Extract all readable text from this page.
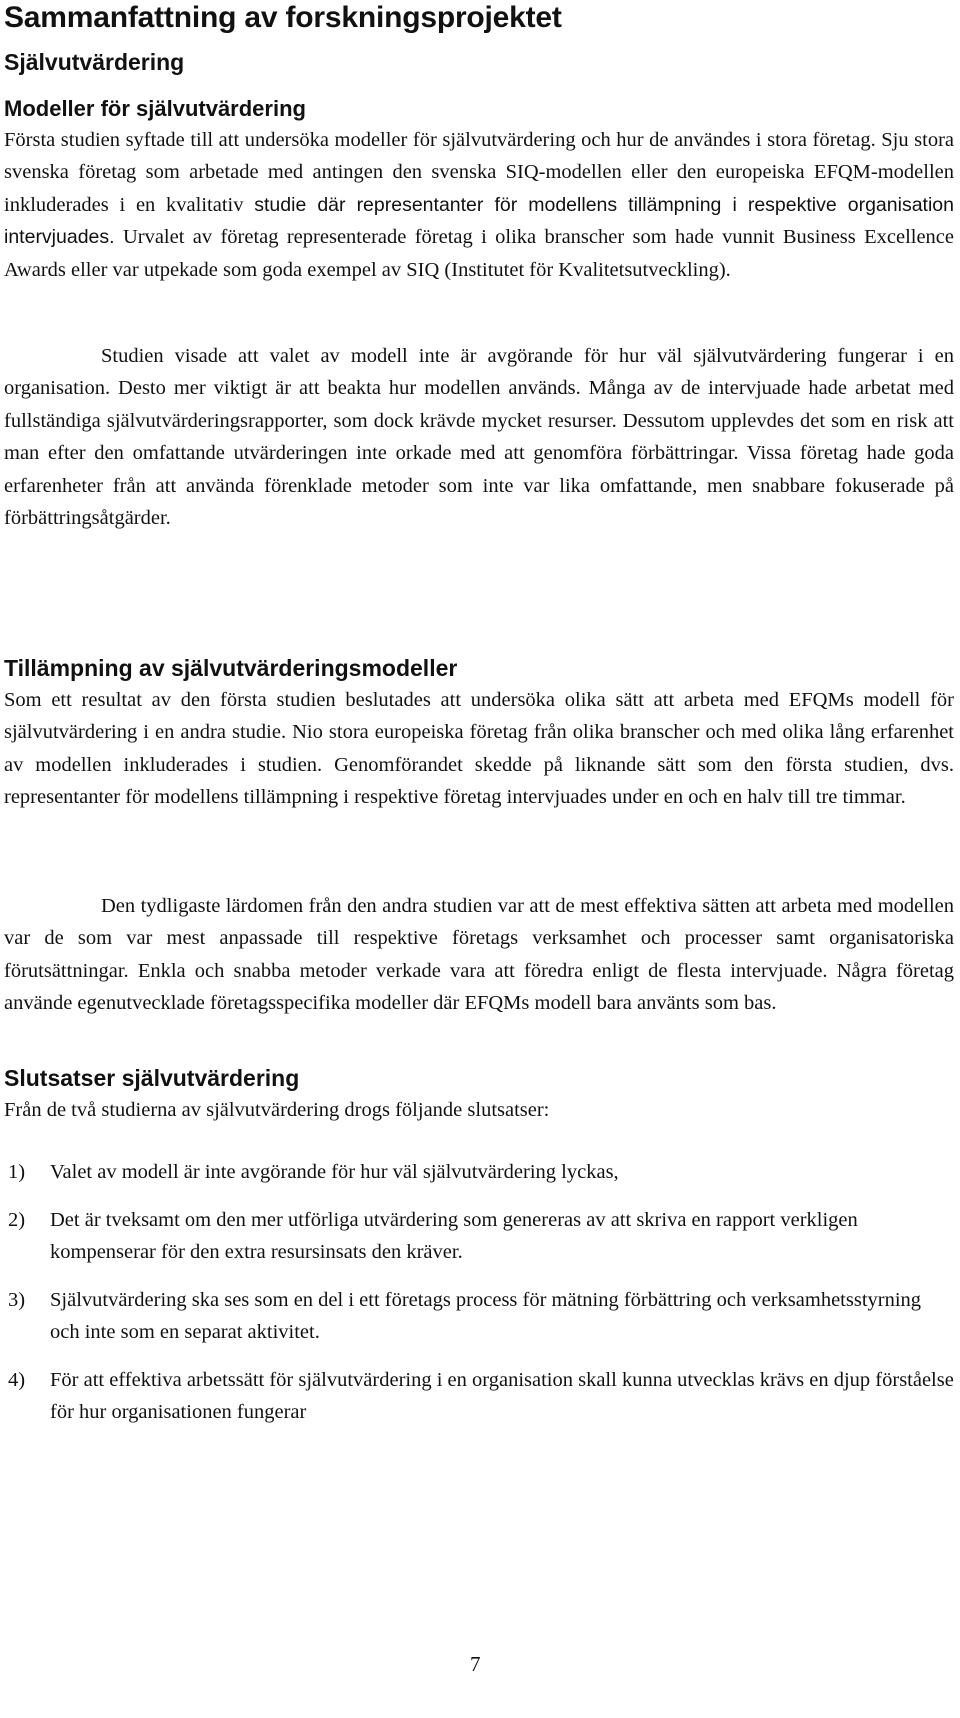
Sammanfattning av forskningsprojektet
Självutvärdering
Modeller för självutvärdering

Första studien syftade till att undersöka modeller för självutvärdering och hur de användes i stora företag. Sju stora svenska företag som arbetade med antingen den svenska SIQ-modellen eller den europeiska EFQM-modellen inkluderades i en kvalitativ studie där representanter för modellens tillämpning i respektive organisation intervjuades. Urvalet av företag representerade företag i olika branscher som hade vunnit Business Excellence Awards eller var utpekade som goda exempel av SIQ (Institutet för Kvalitetsutveckling).

Studien visade att valet av modell inte är avgörande för hur väl självutvärdering fungerar i en organisation. Desto mer viktigt är att beakta hur modellen används. Många av de intervjuade hade arbetat med fullständiga självutvärderingsrapporter, som dock krävde mycket resurser. Dessutom upplevdes det som en risk att man efter den omfattande utvärderingen inte orkade med att genomföra förbättringar. Vissa företag hade goda erfarenheter från att använda förenklade metoder som inte var lika omfattande, men snabbare fokuserade på förbättringsåtgärder.

Tillämpning av självutvärderingsmodeller

Som ett resultat av den första studien beslutades att undersöka olika sätt att arbeta med EFQMs modell för självutvärdering i en andra studie. Nio stora europeiska företag från olika branscher och med olika lång erfarenhet av modellen inkluderades i studien. Genomförandet skedde på liknande sätt som den första studien, dvs. representanter för modellens tillämpning i respektive företag intervjuades under en och en halv till tre timmar.

Den tydligaste lärdomen från den andra studien var att de mest effektiva sätten att arbeta med modellen var de som var mest anpassade till respektive företags verksamhet och processer samt organisatoriska förutsättningar. Enkla och snabba metoder verkade vara att föredra enligt de flesta intervjuade. Några företag använde egenutvecklade företagsspecifika modeller där EFQMs modell bara använts som bas.

Slutsatser självutvärdering

Från de två studierna av självutvärdering drogs följande slutsatser:

1) Valet av modell är inte avgörande för hur väl självutvärdering lyckas,
2) Det är tveksamt om den mer utförliga utvärdering som genereras av att skriva en rapport verkligen kompenserar för den extra resursinsats den kräver.
3) Självutvärdering ska ses som en del i ett företags process för mätning förbättring och verksamhetsstyrning och inte som en separat aktivitet.
4) För att effektiva arbetssätt för självutvärdering i en organisation skall kunna utvecklas krävs en djup förståelse för hur organisationen fungerar
7
